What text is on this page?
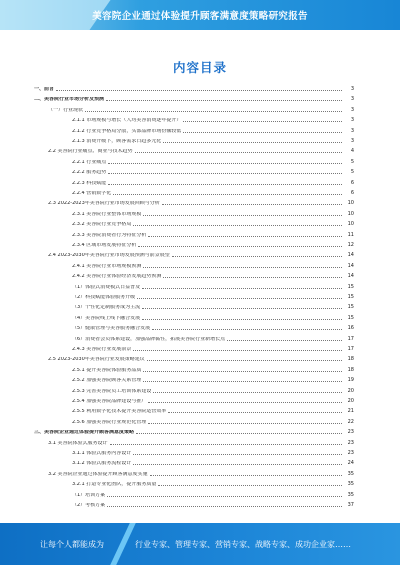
美容院企业通过体验提升顾客满意度策略研究报告
内容目录
一、前言	3
二、美容院行业市场分析及预测	3
（一）行业现状	3
2.1.1 市场规模与增长（人均美容消费逐年提升）	3
2.1.2 行业竞争格局分散，头部品牌市场份额较低	3
2.1.3 消费升级下，顾客需求日趋多元化	3
2.2 美容院行业痛点、商业与技术趋势	4
2.2.1 行业痛点	5
2.2.2 服务趋势	5
2.2.3 科技赋能	6
2.2.4 营销数字化	6
2.3 2022-2023年美容院行业市场发展回顾与分析	10
2.3.1 美容院行业整体市场规模	10
2.3.2 美容院行业竞争格局	10
2.3.3 美容院消费者行为特征分析	11
2.3.4 区域市场发展特征分析	12
2.4 2023-2030年美容院行业市场发展预测与前景展望	14
2.4.1 美容院行业市场规模预测	14
2.4.2 美容院行业体验经济发展趋势预测	14
（1）体验式消费模式日益普及	15
（2）科技赋能体验服务升级	15
（3）个性化定制服务成为主流	15
（4）美容院线上线下融合发展	15
（5）健康管理与美容服务融合发展	16
（6）消费者会员体系建设，加强品牌黏性，拓展美容院行业新增长点	17
2.4.3 美容院行业发展前景	17
2.5 2023-2030年美容院行业发展策略建议	18
2.5.1 提升美容院体验服务品质	18
2.5.2 加强美容院顾客关系管理	19
2.5.3 完善美容院员工培训体系建设	20
2.5.4 加强美容院品牌建设与推广	20
2.5.5 利用数字化技术提升美容院运营效率	21
2.5.6 加强美容院行业规范化管理	22
三、美容院企业通过体验提升顾客满意度策略	23
3.1 美容院体验式服务设计	23
3.1.1 体验式服务内容设计	23
3.1.2 体验式服务流程设计	24
3.2 美容院企业通过体验提升顾客满意度实施	35
3.2.1 打造专业化团队，提升服务质量	35
（1）培训方案	35
（2）考核方案	37
让每个人都能成为	行业专家、管理专家、营销专家、战略专家、成功企业家……
